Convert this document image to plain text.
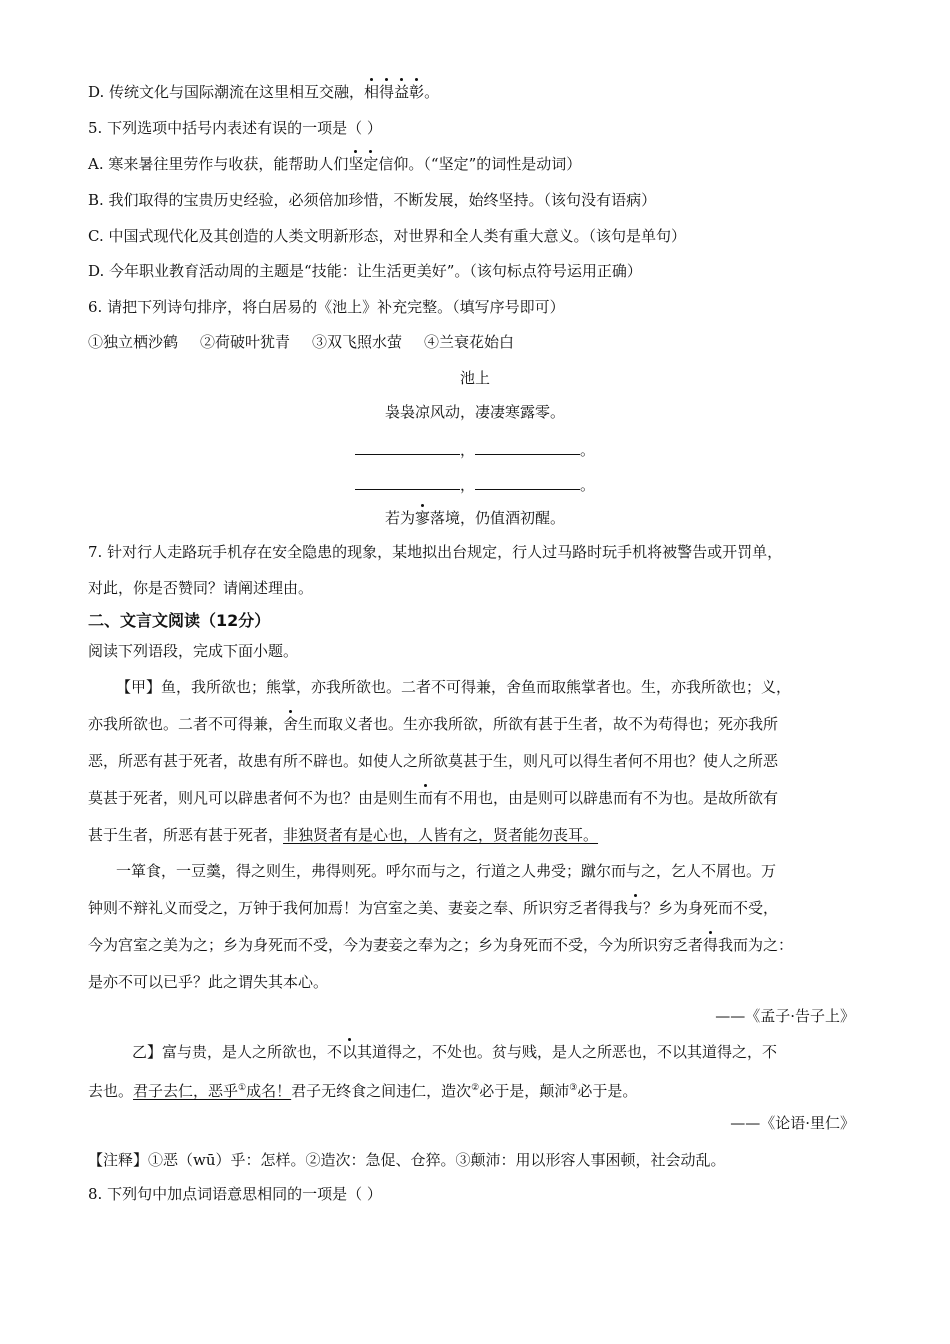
D. 传统文化与国际潮流在这里相互交融，相得益彰。
5. 下列选项中括号内表述有误的一项是（ ）
A. 寒来暑往里劳作与收获，能帮助人们坚定信仰。（“坚定”的词性是动词）
B. 我们取得的宝贵历史经验，必须倍加珍惜，不断发展，始终坚持。（该句没有语病）
C. 中国式现代化及其创造的人类文明新形态，对世界和全人类有重大意义。（该句是单句）
D. 今年职业教育活动周的主题是“技能：让生活更美好”。（该句标点符号运用正确）
6. 请把下列诗句排序，将白居易的《池上》补充完整。（填写序号即可）
①独立栖沙鹤 ②荷破叶犹青 ③双飞照水萤 ④兰衰花始白
池上
袅袅凉风动，凄凄寒露零。
，	。
，	。
若为寥落境，仍值酒初醒。
7. 针对行人走路玩手机存在安全隐患的现象，某地拟出台规定，行人过马路时玩手机将被警告或开罚单，
对此，你是否赞同？请阐述理由。
二、文言文阅读（12分）
阅读下列语段，完成下面小题。
【甲】鱼，我所欲也；熊掌，亦我所欲也。二者不可得兼，舍鱼而取熊掌者也。生，亦我所欲也；义，
亦我所欲也。二者不可得兼，舍生而取义者也。生亦我所欲，所欲有甚于生者，故不为苟得也；死亦我所
恶，所恶有甚于死者，故患有所不辟也。如使人之所欲莫甚于生，则凡可以得生者何不用也？使人之所恶
莫甚于死者，则凡可以辟患者何不为也？由是则生而有不用也，由是则可以辟患而有不为也。是故所欲有
甚于生者，所恶有甚于死者，非独贤者有是心也，人皆有之，贤者能勿丧耳。
一箪食，一豆羹，得之则生，弗得则死。呼尔而与之，行道之人弗受；蹴尔而与之，乞人不屑也。万
钟则不辩礼义而受之，万钟于我何加焉！为宫室之美、妻妾之奉、所识穷乏者得我与？乡为身死而不受，
今为宫室之美为之；乡为身死而不受，今为妻妾之奉为之；乡为身死而不受，今为所识穷乏者得我而为之：
是亦不可以已乎？此之谓失其本心。
——《孟子·告子上》
乙】富与贵，是人之所欲也，不以其道得之，不处也。贫与贱，是人之所恶也，不以其道得之，不
去也。君子去仁，恶乎①成名！君子无终食之间违仁，造次②必于是，颠沛③必于是。
——《论语·里仁》
【注释】①恶（wū）乎：怎样。②造次：急促、仓猝。③颠沛：用以形容人事困顿，社会动乱。
8. 下列句中加点词语意思相同的一项是（ ）
